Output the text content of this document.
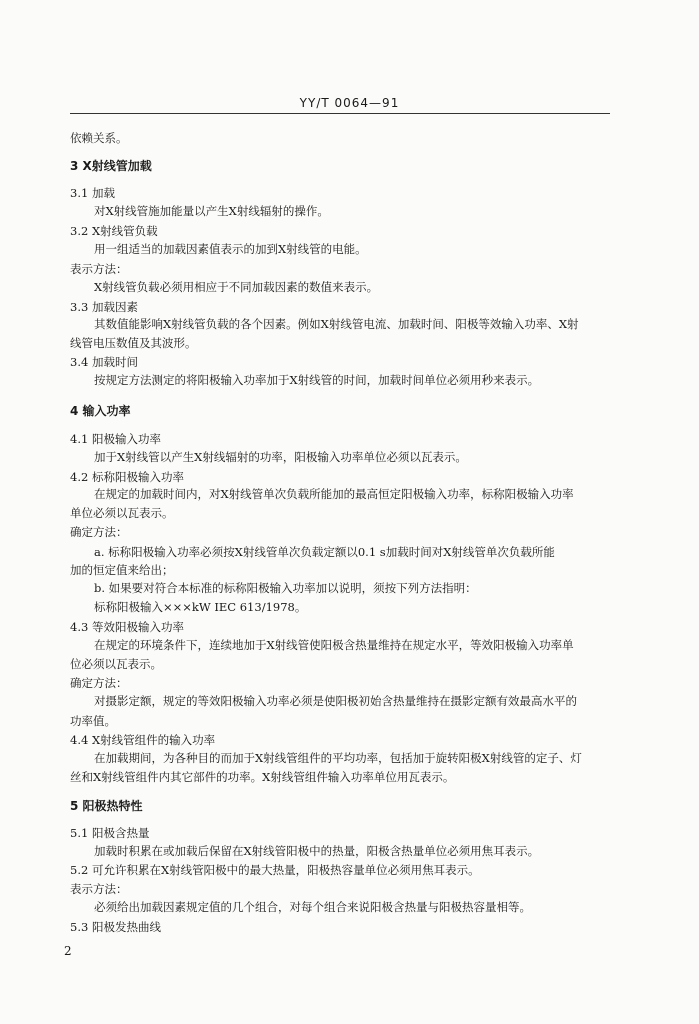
YY/T 0064—91
依赖关系。
3 X射线管加载
3.1 加载
对X射线管施加能量以产生X射线辐射的操作。
3.2 X射线管负载
用一组适当的加载因素值表示的加到X射线管的电能。
表示方法：
X射线管负载必须用相应于不同加载因素的数值来表示。
3.3 加载因素
其数值能影响X射线管负载的各个因素。例如X射线管电流、加载时间、阳极等效输入功率、X射
线管电压数值及其波形。
3.4 加载时间
按规定方法测定的将阳极输入功率加于X射线管的时间，加载时间单位必须用秒来表示。
4 输入功率
4.1 阳极输入功率
加于X射线管以产生X射线辐射的功率，阳极输入功率单位必须以瓦表示。
4.2 标称阳极输入功率
在规定的加载时间内，对X射线管单次负载所能加的最高恒定阳极输入功率，标称阳极输入功率
单位必须以瓦表示。
确定方法：
a. 标称阳极输入功率必须按X射线管单次负载定额以0.1 s加载时间对X射线管单次负载所能
加的恒定值来给出；
b. 如果要对符合本标准的标称阳极输入功率加以说明，须按下列方法指明：
标称阳极输入×××kW IEC 613/1978。
4.3 等效阳极输入功率
在规定的环境条件下，连续地加于X射线管使阳极含热量维持在规定水平，等效阳极输入功率单
位必须以瓦表示。
确定方法：
对摄影定额，规定的等效阳极输入功率必须是使阳极初始含热量维持在摄影定额有效最高水平的
功率值。
4.4 X射线管组件的输入功率
在加载期间，为各种目的而加于X射线管组件的平均功率，包括加于旋转阳极X射线管的定子、灯
丝和X射线管组件内其它部件的功率。X射线管组件输入功率单位用瓦表示。
5 阳极热特性
5.1 阳极含热量
加载时积累在或加载后保留在X射线管阳极中的热量，阳极含热量单位必须用焦耳表示。
5.2 可允许积累在X射线管阳极中的最大热量，阳极热容量单位必须用焦耳表示。
表示方法：
必须给出加载因素规定值的几个组合，对每个组合来说阳极含热量与阳极热容量相等。
5.3 阳极发热曲线
2
